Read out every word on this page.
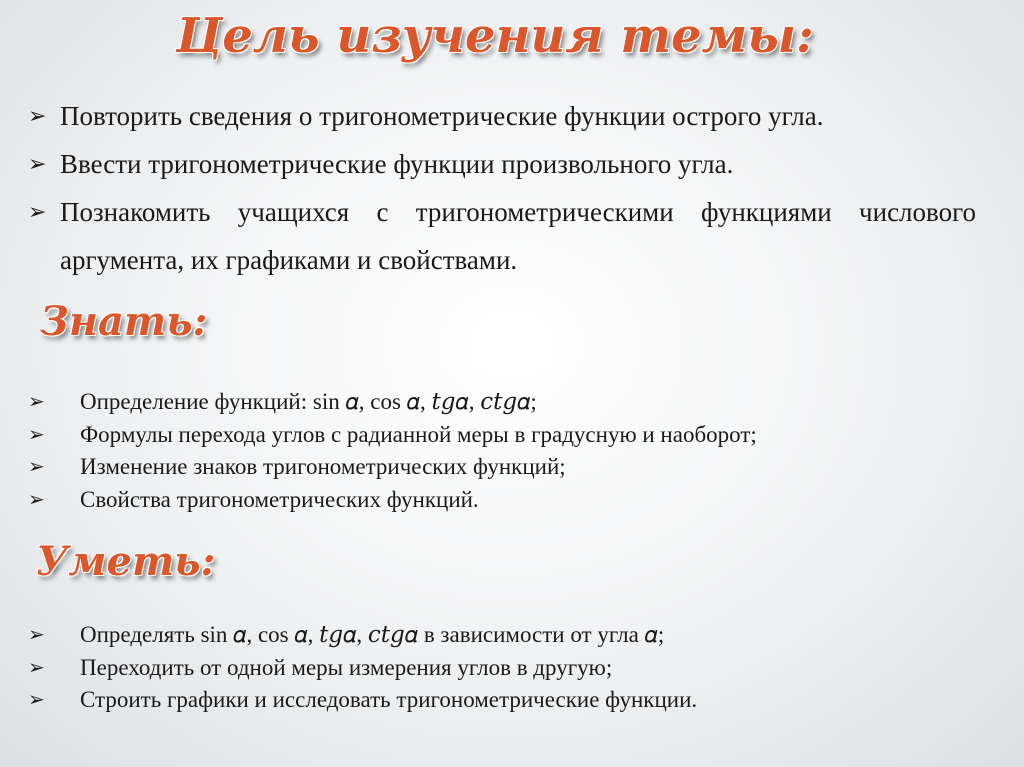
Цель изучения темы:
➢ Повторить сведения о тригонометрические функции острого угла.
➢ Ввести тригонометрические функции произвольного угла.
➢ Познакомить учащихся с тригонометрическими функциями числового аргумента, их графиками и свойствами.
Знать:
➢ Определение функций: sin 𝛼, cos 𝛼, 𝑡𝑔𝛼, 𝑐𝑡𝑔𝛼;
➢ Формулы перехода углов с радианной меры в градусную и наоборот;
➢ Изменение знаков тригонометрических функций;
➢ Свойства тригонометрических функций.
Уметь:
➢ Определять sin 𝛼, cos 𝛼, 𝑡𝑔𝛼, 𝑐𝑡𝑔𝛼 в зависимости от угла 𝛼;
➢ Переходить от одной меры измерения углов в другую;
➢ Строить графики и исследовать тригонометрические функции.
